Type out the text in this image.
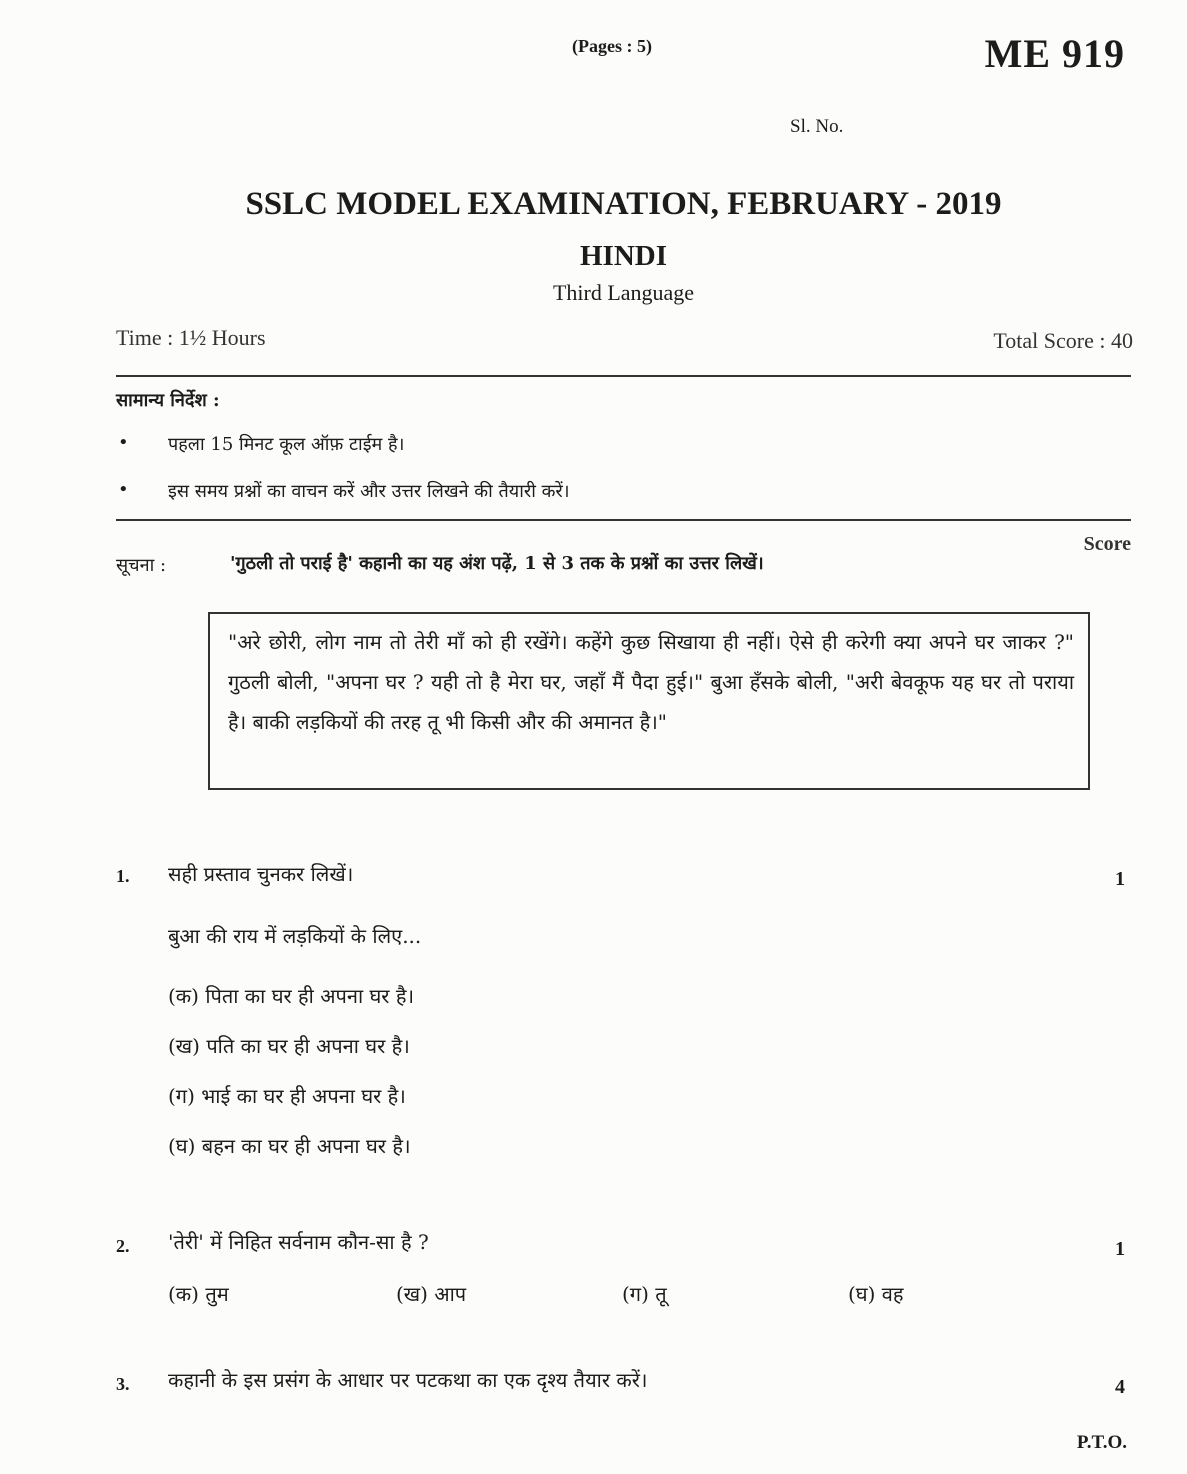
(Pages : 5)	ME 919
Sl. No.
SSLC MODEL EXAMINATION, FEBRUARY - 2019
HINDI
Third Language
Time : 1½ Hours	Total Score : 40
सामान्य निर्देश :
• पहला 15 मिनट कूल ऑफ़ टाईम है।
• इस समय प्रश्नों का वाचन करें और उत्तर लिखने की तैयारी करें।
Score
सूचना :	'गुठली तो पराई है' कहानी का यह अंश पढ़ें, 1 से 3 तक के प्रश्नों का उत्तर लिखें।
"अरे छोरी, लोग नाम तो तेरी माँ को ही रखेंगे। कहेंगे कुछ सिखाया ही नहीं। ऐसे ही करेगी क्या अपने घर जाकर ?" गुठली बोली, "अपना घर ? यही तो है मेरा घर, जहाँ मैं पैदा हुई।" बुआ हँसके बोली, "अरी बेवकूफ यह घर तो पराया है। बाकी लड़कियों की तरह तू भी किसी और की अमानत है।"
1. सही प्रस्ताव चुनकर लिखें।	1
बुआ की राय में लड़कियों के लिए...
(क) पिता का घर ही अपना घर है।
(ख) पति का घर ही अपना घर है।
(ग) भाई का घर ही अपना घर है।
(घ) बहन का घर ही अपना घर है।
2. 'तेरी' में निहित सर्वनाम कौन-सा है ?	1
(क) तुम	(ख) आप	(ग) तू	(घ) वह
3. कहानी के इस प्रसंग के आधार पर पटकथा का एक दृश्य तैयार करें।	4
P.T.O.
